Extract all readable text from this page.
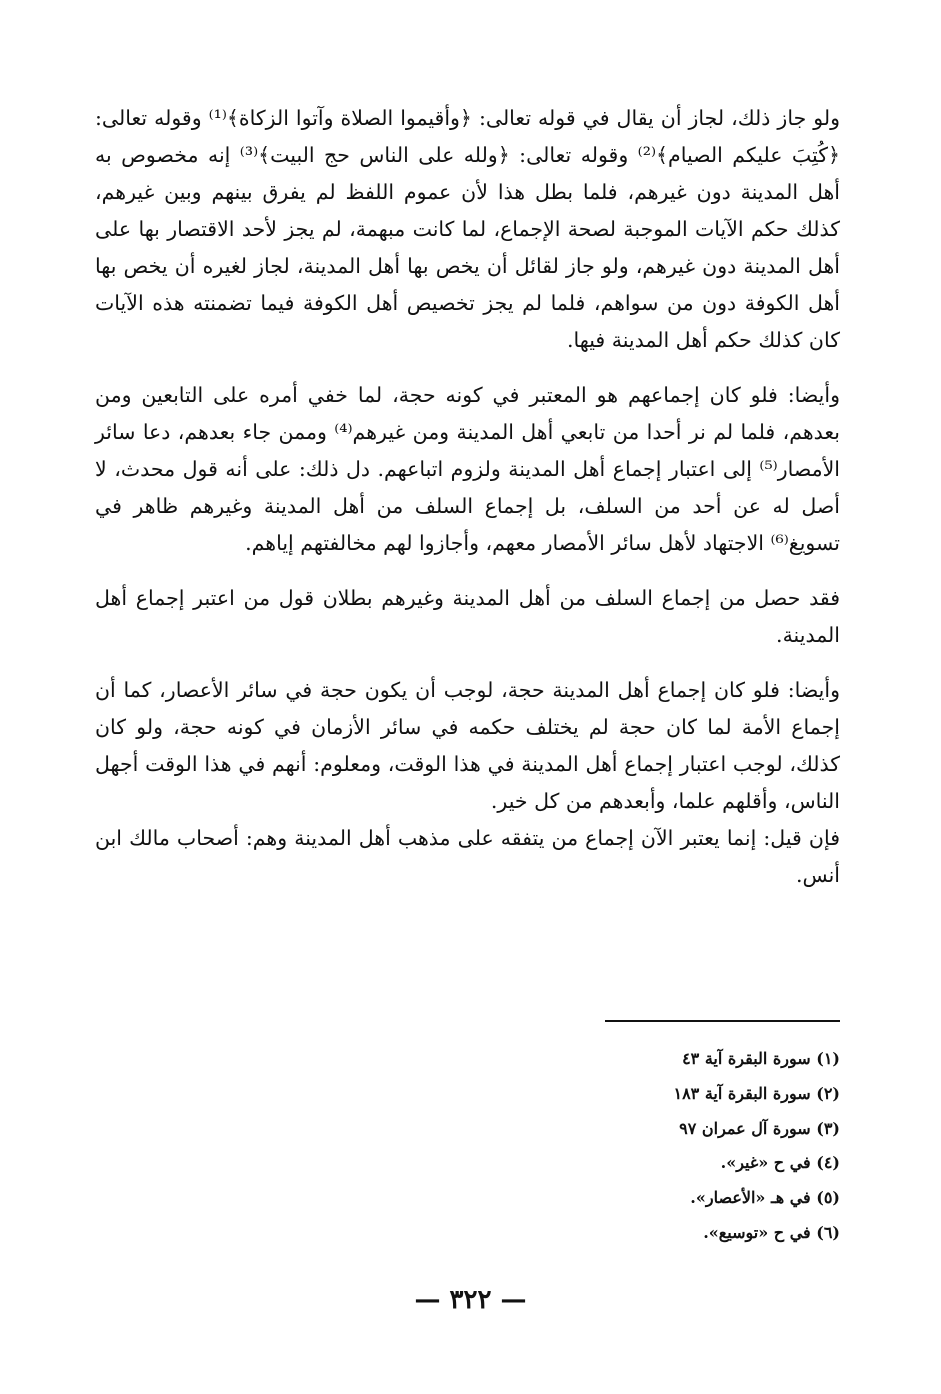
ولو جاز ذلك، لجاز أن يقال في قوله تعالى: ﴿وأقيموا الصلاة وآتوا الزكاة﴾⁽¹⁾ وقوله تعالى: ﴿كُتِبَ عليكم الصيام﴾⁽²⁾ وقوله تعالى: ﴿ولله على الناس حج البيت﴾⁽³⁾ إنه مخصوص به أهل المدينة دون غيرهم، فلما بطل هذا لأن عموم اللفظ لم يفرق بينهم وبين غيرهم، كذلك حكم الآيات الموجبة لصحة الإجماع، لما كانت مبهمة، لم يجز لأحد الاقتصار بها على أهل المدينة دون غيرهم، ولو جاز لقائل أن يخص بها أهل المدينة، لجاز لغيره أن يخص بها أهل الكوفة دون من سواهم، فلما لم يجز تخصيص أهل الكوفة فيما تضمنته هذه الآيات كان كذلك حكم أهل المدينة فيها.

وأيضا: فلو كان إجماعهم هو المعتبر في كونه حجة، لما خفي أمره على التابعين ومن بعدهم، فلما لم نر أحدا من تابعي أهل المدينة ومن غيرهم⁽⁴⁾ وممن جاء بعدهم، دعا سائر الأمصار⁽⁵⁾ إلى اعتبار إجماع أهل المدينة ولزوم اتباعهم. دل ذلك: على أنه قول محدث، لا أصل له عن أحد من السلف، بل إجماع السلف من أهل المدينة وغيرهم ظاهر في تسويغ⁽⁶⁾ الاجتهاد لأهل سائر الأمصار معهم، وأجازوا لهم مخالفتهم إياهم.

فقد حصل من إجماع السلف من أهل المدينة وغيرهم بطلان قول من اعتبر إجماع أهل المدينة.

وأيضا: فلو كان إجماع أهل المدينة حجة، لوجب أن يكون حجة في سائر الأعصار، كما أن إجماع الأمة لما كان حجة لم يختلف حكمه في سائر الأزمان في كونه حجة، ولو كان كذلك، لوجب اعتبار إجماع أهل المدينة في هذا الوقت، ومعلوم: أنهم في هذا الوقت أجهل الناس، وأقلهم علما، وأبعدهم من كل خير.

فإن قيل: إنما يعتبر الآن إجماع من يتفقه على مذهب أهل المدينة وهم: أصحاب مالك ابن أنس.

(١) سورة البقرة آية ٤٣
(٢) سورة البقرة آية ١٨٣
(٣) سورة آل عمران ٩٧
(٤) في ح «غير».
(٥) في هـ «الأعصار».
(٦) في ح «توسيع».
— ٣٢٢ —
